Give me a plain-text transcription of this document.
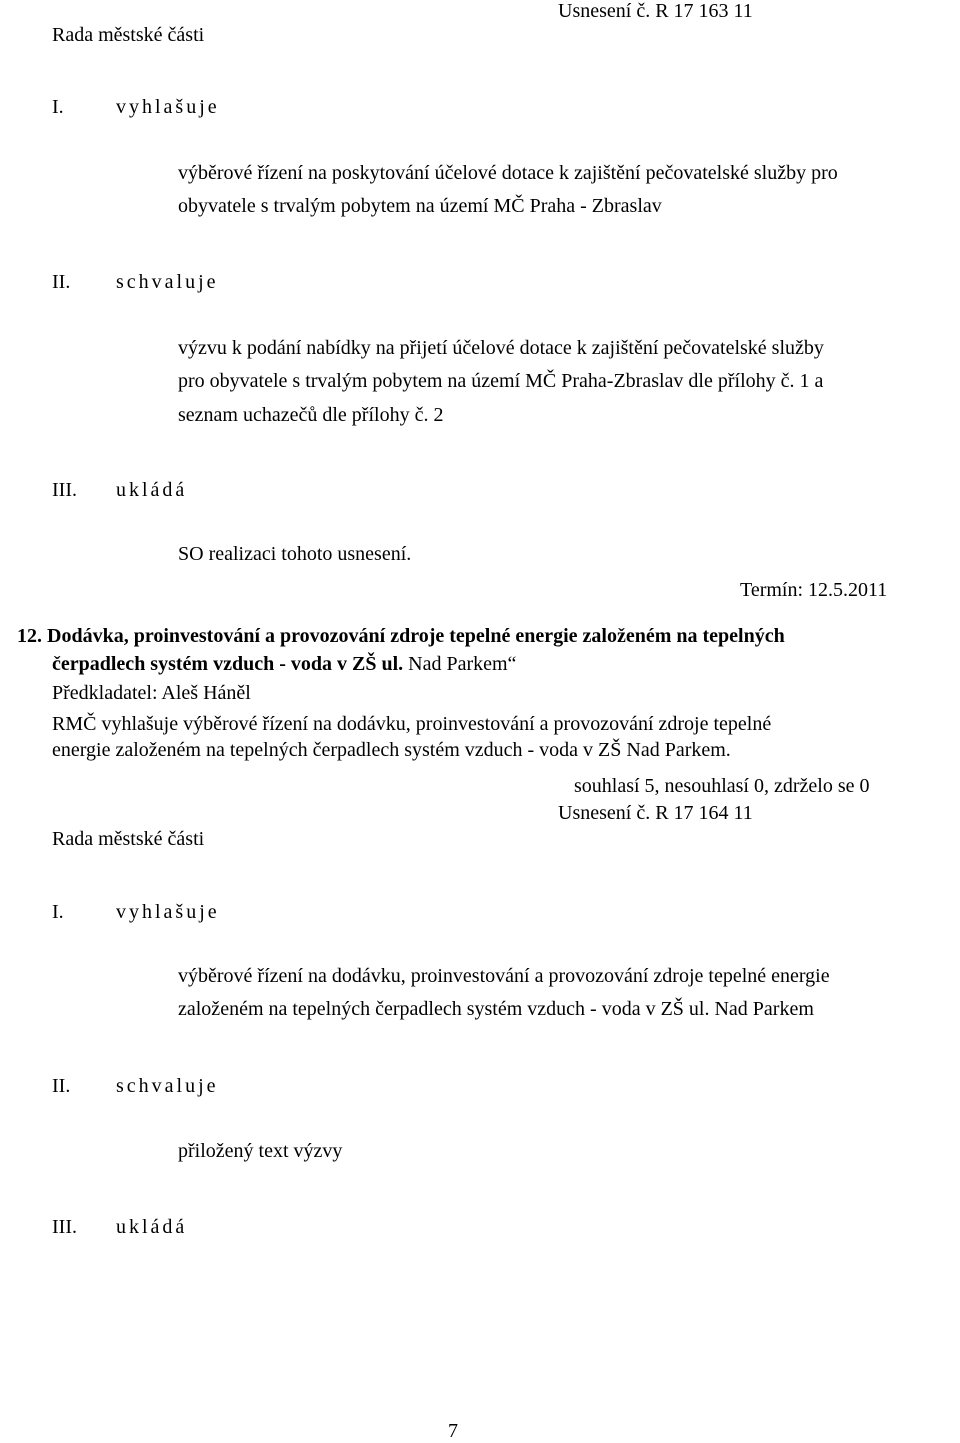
Usnesení č. R 17 163 11
Rada městské části
I.	vyhlašuje
výběrové řízení na poskytování účelové dotace k zajištění pečovatelské služby pro
obyvatele s trvalým pobytem na území MČ Praha - Zbraslav
II. schvaluje
výzvu k podání nabídky na přijetí účelové dotace k zajištění pečovatelské služby
pro obyvatele s trvalým pobytem na území MČ Praha-Zbraslav dle přílohy č. 1 a
seznam uchazečů dle přílohy č. 2
III. ukládá
SO realizaci tohoto usnesení.
Termín: 12.5.2011
12. Dodávka, proinvestování a provozování zdroje tepelné energie založeném na tepelných
čerpadlech systém vzduch - voda v ZŠ ul. Nad Parkem“
Předkladatel: Aleš Háněl
RMČ vyhlašuje výběrové řízení na dodávku, proinvestování a provozování zdroje tepelné
energie založeném na tepelných čerpadlech systém vzduch - voda v ZŠ Nad Parkem.
souhlasí 5, nesouhlasí 0, zdrželo se 0
Usnesení č. R 17 164 11
Rada městské části
I.	vyhlašuje
výběrové řízení na dodávku, proinvestování a provozování zdroje tepelné energie
založeném na tepelných čerpadlech systém vzduch - voda v ZŠ ul. Nad Parkem
II. schvaluje
přiložený text výzvy
III. ukládá
7
